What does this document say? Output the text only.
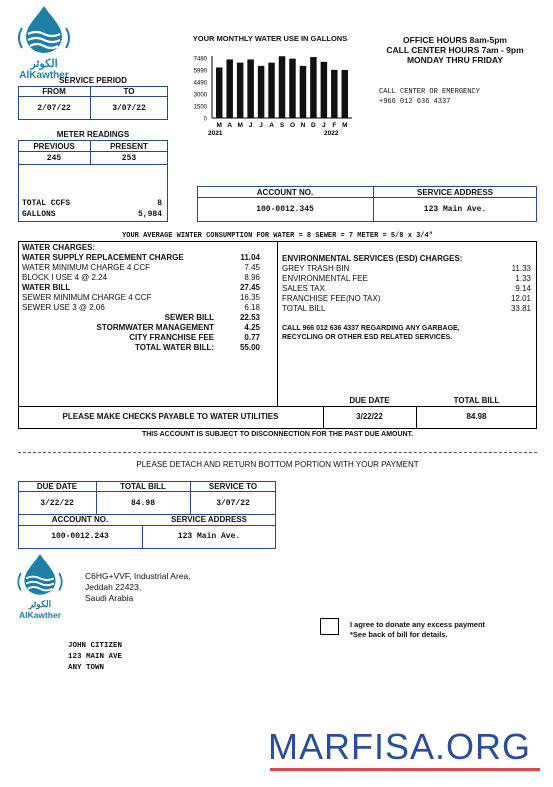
الكوثر
AlKawther
SERVICE PERIOD
FROM	TO
2/07/22	3/07/22
METER READINGS
PREVIOUS	PRESENT
245	253
TOTAL CCFS	8
GALLONS	5,984
YOUR MONTHLY WATER USE IN GALLONS
0
1500
3000
4490
5990
7480
M A M J J A S O N D J F M
2021	2022
OFFICE HOURS 8am-5pm
CALL CENTER HOURS 7am - 9pm
MONDAY THRU FRIDAY
CALL CENTER OR EMERGENCY
+966 012 636 4337
ACCOUNT NO.	SERVICE ADDRESS
100-0012.345	123 Main Ave.
YOUR AVERAGE WINTER CONSUMPTION FOR WATER = 8 SEWER = 7 METER = 5/8 x 3/4"
WATER CHARGES:
WATER SUPPLY REPLACEMENT CHARGE	11.04
WATER MINIMUM CHARGE 4 CCF	7.45
BLOCK I USE 4 @ 2.24	8.96
WATER BILL	27.45
SEWER MINIMUM CHARGE 4 CCF	16.35
SEWER USE 3 @ 2.06	6.18
SEWER BILL	22.53
STORMWATER MANAGEMENT	4.25
CITY FRANCHISE FEE	0.77
TOTAL WATER BILL:	55.00
ENVIRONMENTAL SERVICES (ESD) CHARGES:
GREY TRASH BIN	11.33
ENVIRONMENTAL FEE	1.33
SALES TAX	9.14
FRANCHISE FEE(NO TAX)	12.01
TOTAL BILL	33.81
CALL 966 012 636 4337 REGARDING ANY GARBAGE,
RECYCLING OR OTHER ESD RELATED SERVICES.
DUE DATE	TOTAL BILL
PLEASE MAKE CHECKS PAYABLE TO WATER UTILITIES	3/22/22	84.98
THIS ACCOUNT IS SUBJECT TO DISCONNECTION FOR THE PAST DUE AMOUNT.
PLEASE DETACH AND RETURN BOTTOM PORTION WITH YOUR PAYMENT
DUE DATE	TOTAL BILL	SERVICE TO
3/22/22	84.98	3/07/22
ACCOUNT NO.	SERVICE ADDRESS
100-0012.243	123 Main Ave.
الكوثر
AlKawther
C6HG+VVF, Industrial Area,
Jeddah 22423,
Saudi Arabia
I agree to donate any excess payment
*See back of bill for details.
JOHN CITIZEN
123 MAIN AVE
ANY TOWN
MARFISA.ORG
